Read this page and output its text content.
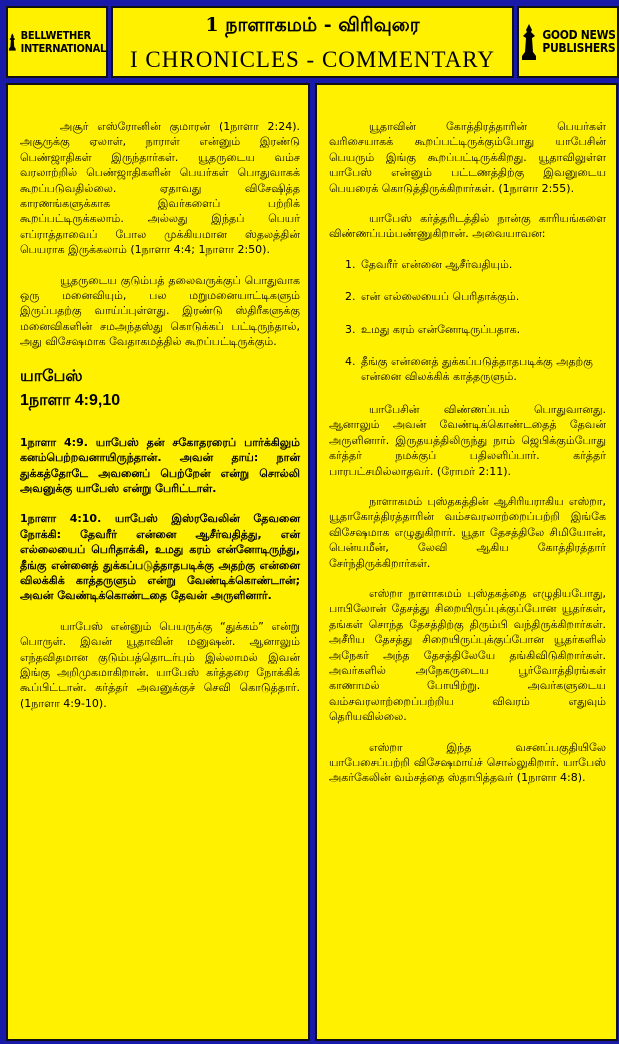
BELLWETHER
INTERNATIONAL
1 நாளாகமம் - விரிவுரை
I CHRONICLES - COMMENTARY
GOOD NEWS
PUBLISHERS

அசூர் எஸ்ரோனின் குமாரன் (1நாளா 2:24). அசூருக்கு ஏலாள், நாராள் என்னும் இரண்டு பெண்ஜாதிகள் இருந்தார்கள். யூதருடைய வம்ச வரலாற்றில் பெண்ஜாதிகளின் பெயர்கள் பொதுவாகக் கூறப்படுவதில்லை. ஏதாவது விசேஷித்த காரணங்களுக்காக இவர்களைப் பற்றிக் கூறப்பட்டிருக்கலாம். அல்லது இந்தப் பெயர் எப்ராத்தாவைப் போல முக்கியமான ஸ்தலத்தின் பெயராக இருக்கலாம் (1நாளா 4:4; 1நாளா 2:50).

யூதருடைய குடும்பத் தலைவருக்குப் பொதுவாக ஒரு மனைவியும், பல மறுமனையாட்டிகளும் இருப்பதற்கு வாய்ப்புள்ளது. இரண்டு ஸ்திரீகளுக்கு மனைவிகளின் சமஅந்தஸ்து கொடுக்கப் பட்டிருந்தால், அது விசேஷமாக வேதாகமத்தில் கூறப்பட்டிருக்கும்.

யாபேஸ்
1நாளா 4:9,10

1நாளா 4:9. யாபேஸ் தன் சகோதரரைப் பார்க்கிலும் கனம்பெற்றவனாயிருந்தான். அவன் தாய்: நான் துக்கத்தோடே அவனைப் பெற்றேன் என்று சொல்லி அவனுக்கு யாபேஸ் என்று பேரிட்டாள்.

1நாளா 4:10. யாபேஸ் இஸ்ரவேலின் தேவனை நோக்கி: தேவரீர் என்னை ஆசீர்வதித்து, என் எல்லையைப் பெரிதாக்கி, உமது கரம் என்னோடிருந்து, தீங்கு என்னைத் துக்கப்படுத்தாதபடிக்கு அதற்கு என்னை விலக்கிக் காத்தருளும் என்று வேண்டிக்கொண்டான்; அவன் வேண்டிக்கொண்டதை தேவன் அருளினார்.

யாபேஸ் என்னும் பெயருக்கு “துக்கம்” என்று பொருள். இவன் யூதாவின் மனுஷன். ஆனாலும் எந்தவிதமான குடும்பத்தொடர்பும் இல்லாமல் இவன் இங்கு அறிமுகமாகிறான். யாபேஸ் கர்த்தரை நோக்கிக் கூப்பிட்டான். கர்த்தர் அவனுக்குச் செவி கொடுத்தார். (1நாளா 4:9-10).

யூதாவின் கோத்திரத்தாரின் பெயர்கள் வரிசையாகக் கூறப்பட்டிருக்கும்போது யாபேசின் பெயரும் இங்கு கூறப்பட்டிருக்கிறது. யூதாவிலுள்ள யாபேஸ் என்னும் பட்டணத்திற்கு இவனுடைய பெயரைக் கொடுத்திருக்கிறார்கள். (1நாளா 2:55).

யாபேஸ் கர்த்தரிடத்தில் நான்கு காரியங்களை விண்ணப்பம்பண்ணுகிறான். அவையாவன:

1. தேவரீர் என்னை ஆசீர்வதியும்.
2. என் எல்லையைப் பெரிதாக்கும்.
3. உமது கரம் என்னோடிருப்பதாக.
4. தீங்கு என்னைத் துக்கப்படுத்தாதபடிக்கு அதற்கு என்னை விலக்கிக் காத்தருளும்.

யாபேசின் விண்ணப்பம் பொதுவானது. ஆனாலும் அவன் வேண்டிக்கொண்டதைத் தேவன் அருளினார். இருதயத்திலிருந்து நாம் ஜெபிக்கும்போது கர்த்தர் நமக்குப் பதிலளிப்பார். கர்த்தர் பாரபட்சமில்லாதவர். (ரோமர் 2:11).

நாளாகமம் புஸ்தகத்தின் ஆசிரியராகிய எஸ்றா, யூதாகோத்திரத்தாரின் வம்சவரலாற்றைப்பற்றி இங்கே விசேஷமாக எழுதுகிறார். யூதா தேசத்திலே சிமியோன், பென்யமீன், லேவி ஆகிய கோத்திரத்தார் சேர்ந்திருக்கிறார்கள்.

எஸ்றா நாளாகமம் புஸ்தகத்தை எழுதியபோது, பாபிலோன் தேசத்து சிறையிருப்புக்குப்போன யூதர்கள், தங்கள் சொந்த தேசத்திற்கு திரும்பி வந்திருக்கிறார்கள். அசீரிய தேசத்து சிறையிருப்புக்குப்போன யூதர்களில் அநேகர் அந்த தேசத்திலேயே தங்கிவிடுகிறார்கள். அவர்களில் அநேகருடைய பூர்வோத்திரங்கள் காணாமல் போயிற்று. அவர்களுடைய வம்சவரலாற்றைப்பற்றிய விவரம் எதுவும் தெரியவில்லை.

எஸ்றா இந்த வசனப்பகுதியிலே யாபேசைப்பற்றி விசேஷமாய்ச் சொல்லுகிறார். யாபேஸ் அகர்கேலின் வம்சத்தை ஸ்தாபித்தவர் (1நாளா 4:8).
